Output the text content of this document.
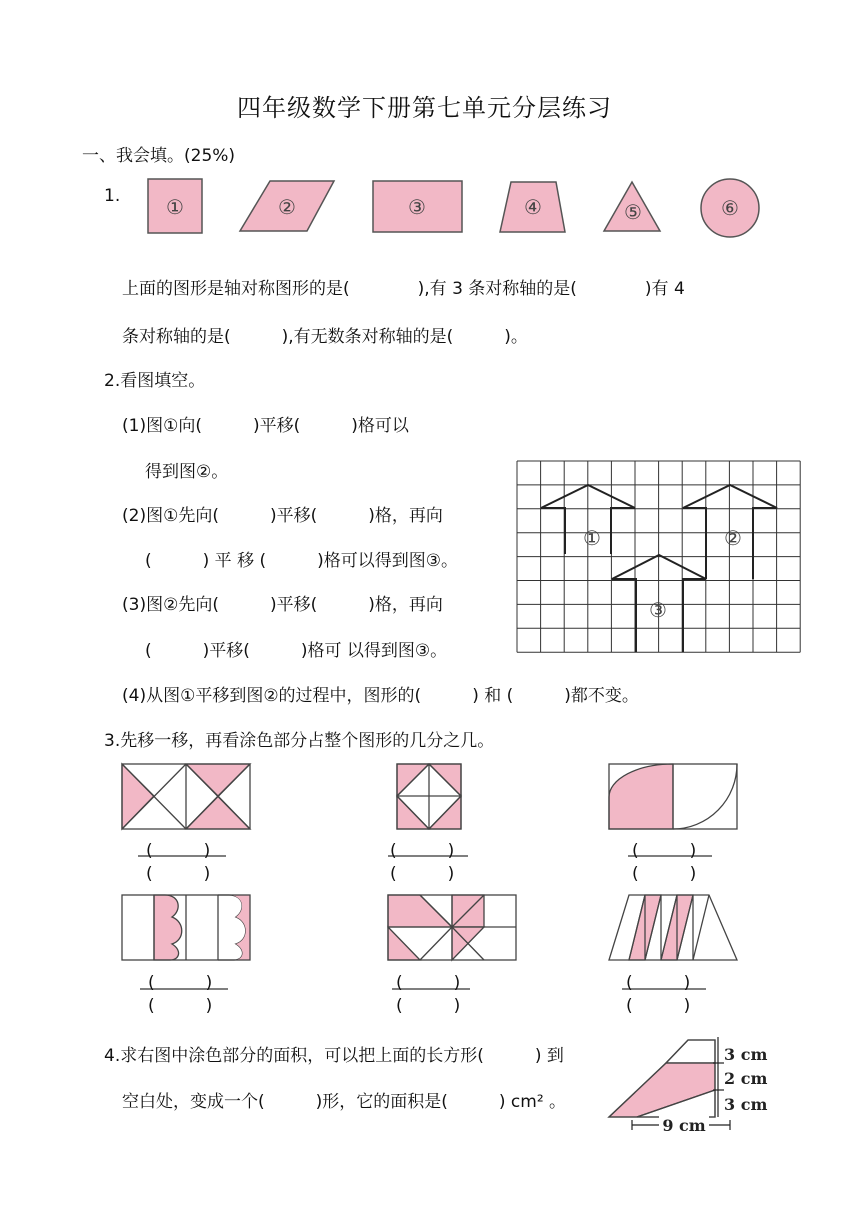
四年级数学下册第七单元分层练习
一、我会填。(25%)
1. ①	②	③	④	⑤	⑥
上面的图形是轴对称图形的是(　　　　),有 3 条对称轴的是(　　　　)有 4
条对称轴的是(　　　),有无数条对称轴的是(　　　)。
2.看图填空。
(1)图①向(　　　)平移(　　　)格可以
得到图②。
(2)图①先向(　　　)平移(　　　)格，再向
(　　　) 平 移 (　　　)格可以得到图③。
(3)图②先向(　　　)平移(　　　)格，再向
(　　　)平移(　　　)格可 以得到图③。
(4)从图①平移到图②的过程中，图形的(　　　) 和 (　　　)都不变。
①	②
③
3.先移一移，再看涂色部分占整个图形的几分之几。
(　　　)
(　　　)
(　　　)
(　　　)
(　　　)
(　　　)
(　　　)
(　　　)
(　　　)
(　　　)
(　　　)
(　　　)
4.求右图中涂色部分的面积，可以把上面的长方形(　　　) 到
空白处，变成一个(　　　)形，它的面积是(　　　) cm² 。
3 cm
2 cm
3 cm
9 cm
